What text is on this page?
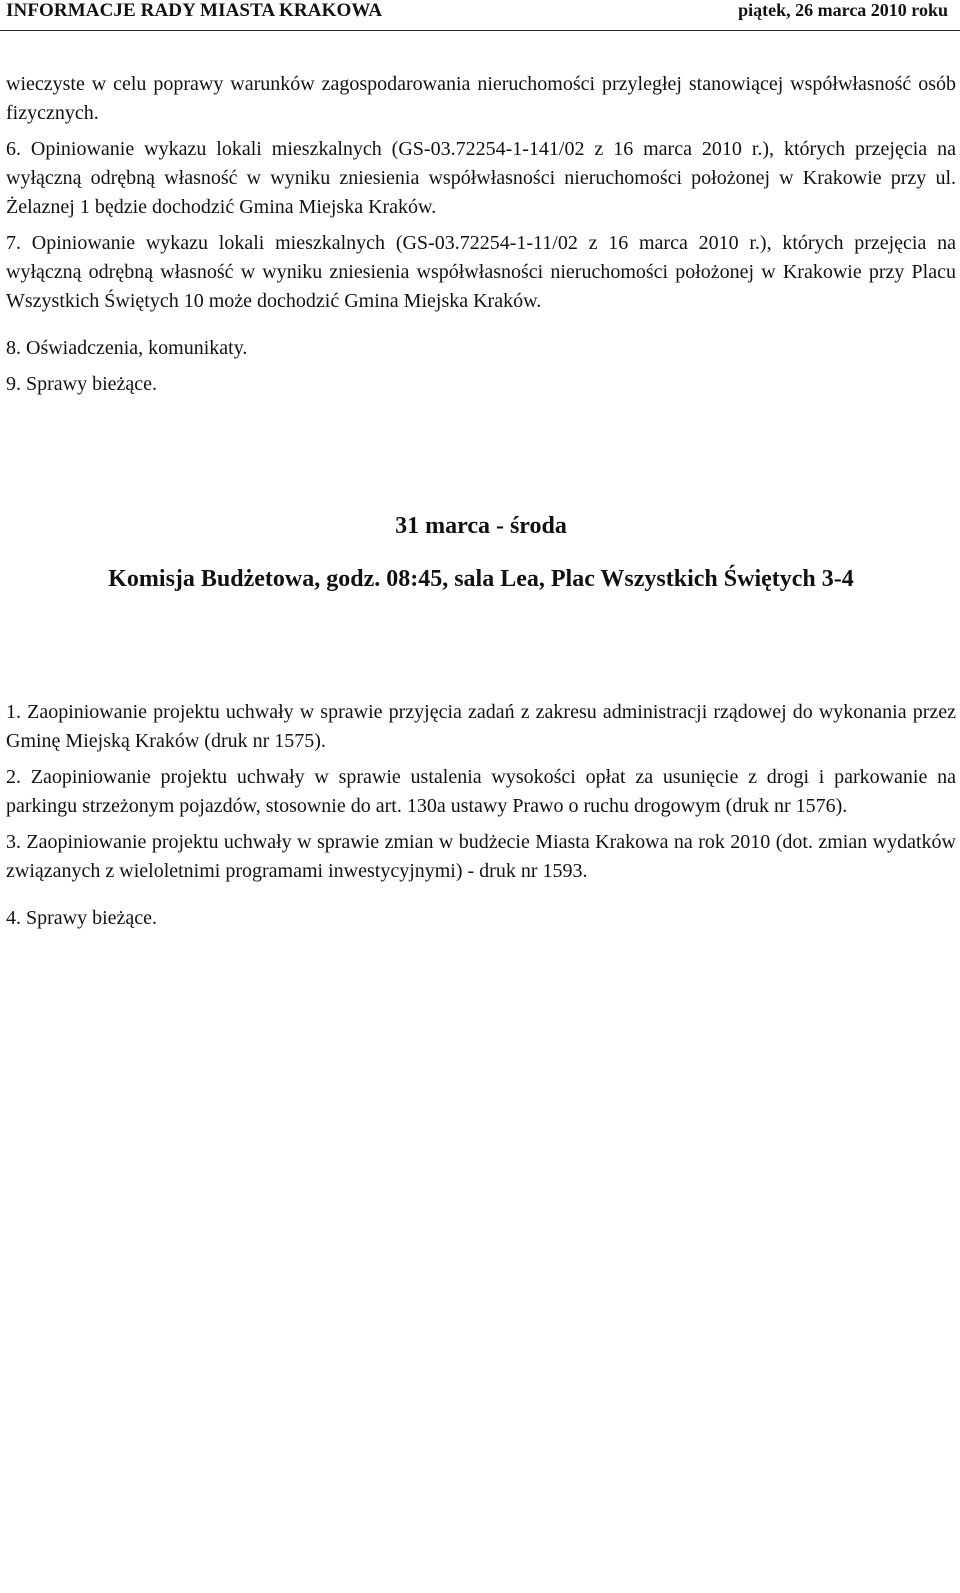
INFORMACJE RADY MIASTA KRAKOWA	piątek, 26 marca 2010 roku

wieczyste w celu poprawy warunków zagospodarowania nieruchomości przyległej stanowiącej współwłasność osób fizycznych.

6. Opiniowanie wykazu lokali mieszkalnych (GS-03.72254-1-141/02 z 16 marca 2010 r.), których przejęcia na wyłączną odrębną własność w wyniku zniesienia współwłasności nieruchomości położonej w Krakowie przy ul. Żelaznej 1 będzie dochodzić Gmina Miejska Kraków.

7. Opiniowanie wykazu lokali mieszkalnych (GS-03.72254-1-11/02 z 16 marca 2010 r.), których przejęcia na wyłączną odrębną własność w wyniku zniesienia współwłasności nieruchomości położonej w Krakowie przy Placu Wszystkich Świętych 10 może dochodzić Gmina Miejska Kraków.

8. Oświadczenia, komunikaty.

9. Sprawy bieżące.

31 marca - środa

Komisja Budżetowa, godz. 08:45, sala Lea, Plac Wszystkich Świętych 3-4

1. Zaopiniowanie projektu uchwały w sprawie przyjęcia zadań z zakresu administracji rządowej do wykonania przez Gminę Miejską Kraków (druk nr 1575).

2. Zaopiniowanie projektu uchwały w sprawie ustalenia wysokości opłat za usunięcie z drogi i parkowanie na parkingu strzeżonym pojazdów, stosownie do art. 130a ustawy Prawo o ruchu drogowym (druk nr 1576).

3. Zaopiniowanie projektu uchwały w sprawie zmian w budżecie Miasta Krakowa na rok 2010 (dot. zmian wydatków związanych z wieloletnimi programami inwestycyjnymi) - druk nr 1593.

4. Sprawy bieżące.
